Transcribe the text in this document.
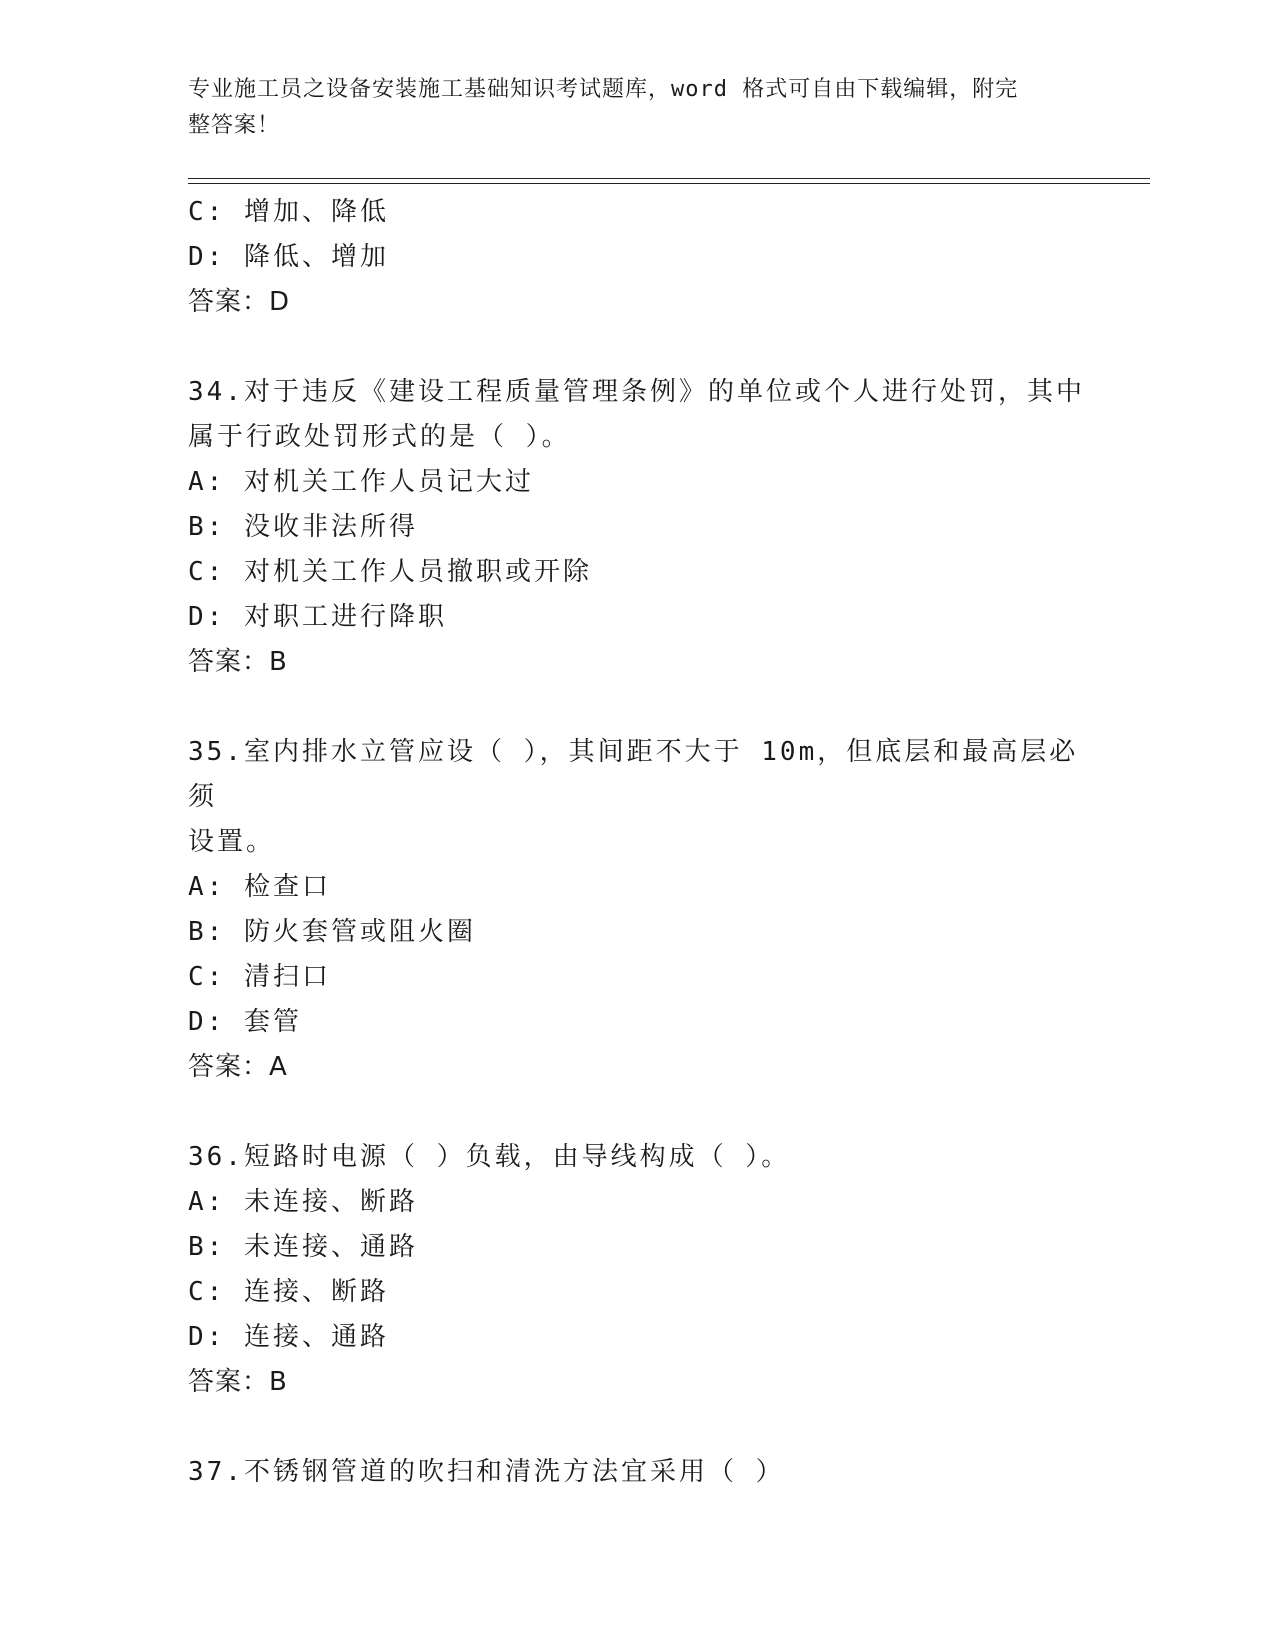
专业施工员之设备安装施工基础知识考试题库，word 格式可自由下载编辑，附完
整答案！
C: 增加、降低
D: 降低、增加
答案：D
34.对于违反《建设工程质量管理条例》的单位或个人进行处罚，其中
属于行政处罚形式的是（ ）。
A: 对机关工作人员记大过
B: 没收非法所得
C: 对机关工作人员撤职或开除
D: 对职工进行降职
答案：B
35.室内排水立管应设（ ），其间距不大于 10m，但底层和最高层必须
设置。
A: 检查口
B: 防火套管或阻火圈
C: 清扫口
D: 套管
答案：A
36.短路时电源（ ）负载，由导线构成（ ）。
A: 未连接、断路
B: 未连接、通路
C: 连接、断路
D: 连接、通路
答案：B
37.不锈钢管道的吹扫和清洗方法宜采用（ ）
